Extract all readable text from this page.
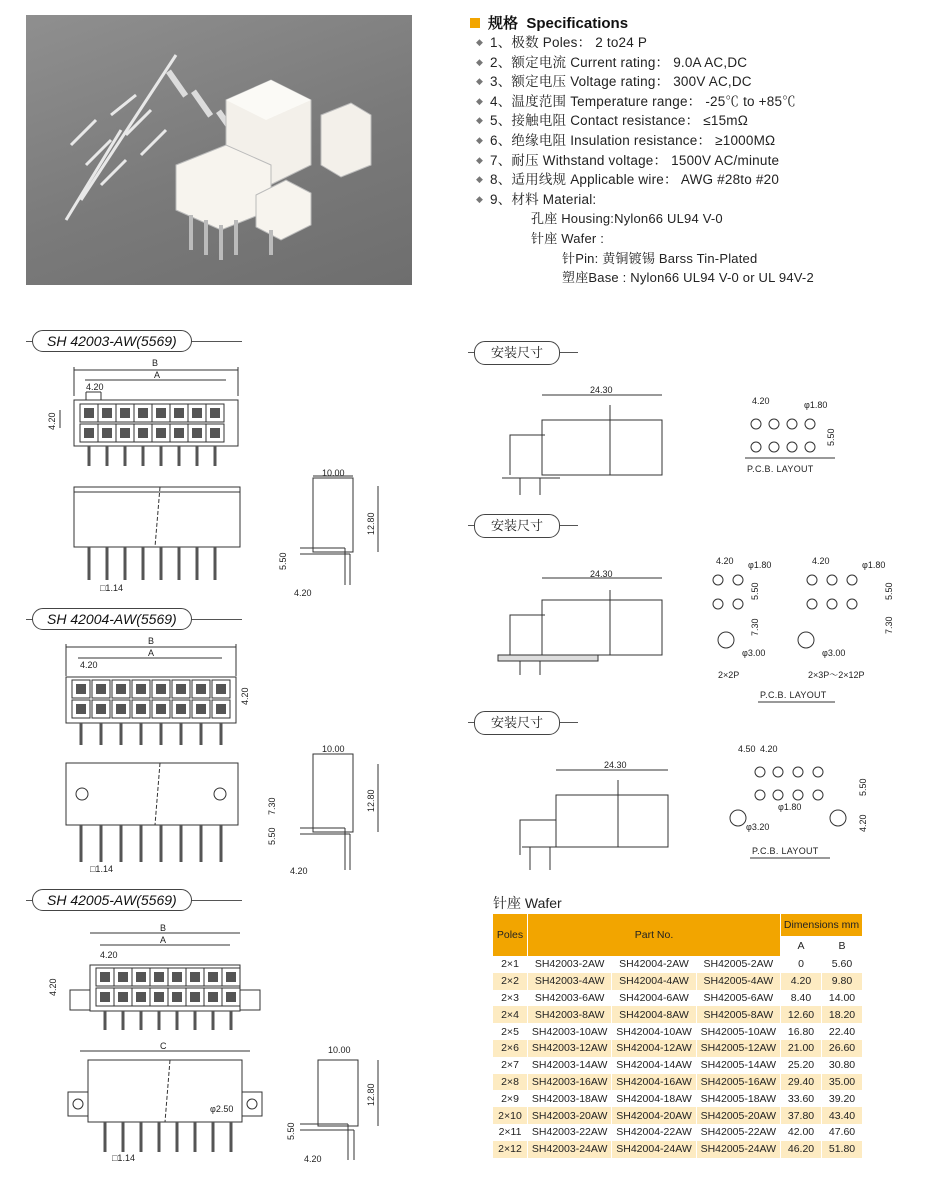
规格 Specifications
◆ 1、极数 Poles： 2 to24 P
◆ 2、额定电流 Current rating： 9.0A AC,DC
◆ 3、额定电压 Voltage rating： 300V AC,DC
◆ 4、温度范围 Temperature range： -25℃ to +85℃
◆ 5、接触电阻 Contact resistance： ≤15mΩ
◆ 6、绝缘电阻 Insulation resistance： ≥1000MΩ
◆ 7、耐压 Withstand voltage： 1500V AC/minute
◆ 8、适用线规 Applicable wire： AWG #28to #20
◆ 9、材料 Material:
孔座 Housing:Nylon66 UL94 V-0
针座 Wafer :
针Pin: 黄铜镀锡 Barss Tin-Plated
塑座Base : Nylon66 UL94 V-0 or UL 94V-2
SH 42003-AW(5569)
SH 42004-AW(5569)
SH 42005-AW(5569)
安装尺寸
安装尺寸
安装尺寸
B
A
4.20
4.20
10.00
12.80
5.50
4.20
□1.14
B
A
4.20
4.20
10.00
12.80
7.30
5.50
4.20
□1.14
B
A
4.20
4.20
C
φ2.50
10.00
12.80
5.50
4.20
□1.14
24.30
24.30
24.30
4.20	φ1.80
5.50
4.20 φ1.80
5.50
7.30
φ3.00
2×2P
4.20	φ1.80
5.50
7.30
φ3.00
2×3P～2×12P
4.50 4.20
φ1.80
φ3.20
5.50
4.20
P.C.B. LAYOUT
P.C.B. LAYOUT
P.C.B. LAYOUT
针座 Wafer
Poles	Part No.			Dimensions mm	
				A	B
2×1	SH42003-2AW	SH42004-2AW	SH42005-2AW	0	5.60
2×2	SH42003-4AW	SH42004-4AW	SH42005-4AW	4.20	9.80
2×3	SH42003-6AW	SH42004-6AW	SH42005-6AW	8.40	14.00
2×4	SH42003-8AW	SH42004-8AW	SH42005-8AW	12.60	18.20
2×5	SH42003-10AW	SH42004-10AW	SH42005-10AW	16.80	22.40
2×6	SH42003-12AW	SH42004-12AW	SH42005-12AW	21.00	26.60
2×7	SH42003-14AW	SH42004-14AW	SH42005-14AW	25.20	30.80
2×8	SH42003-16AW	SH42004-16AW	SH42005-16AW	29.40	35.00
2×9	SH42003-18AW	SH42004-18AW	SH42005-18AW	33.60	39.20
2×10	SH42003-20AW	SH42004-20AW	SH42005-20AW	37.80	43.40
2×11	SH42003-22AW	SH42004-22AW	SH42005-22AW	42.00	47.60
2×12	SH42003-24AW	SH42004-24AW	SH42005-24AW	46.20	51.80
